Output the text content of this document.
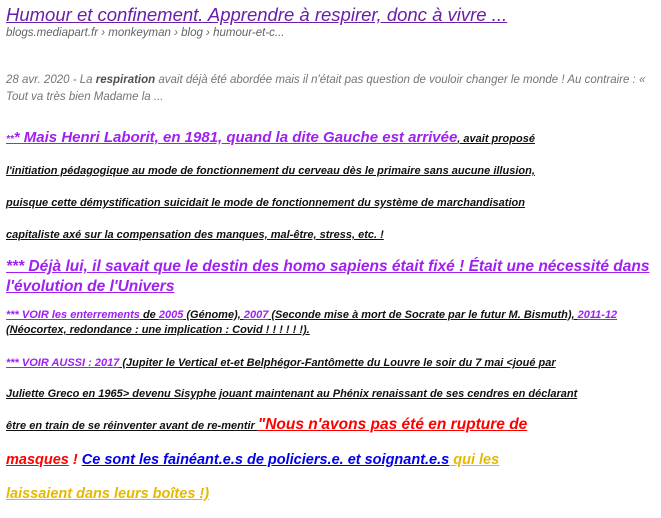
Humour et confinement. Apprendre à respirer, donc à vivre ...
blogs.mediapart.fr › monkeyman › blog › humour-et-c...

28 avr. 2020 - La respiration avait déjà été abordée mais il n'était pas question de vouloir changer le monde ! Au contraire : « Tout va très bien Madame la ...

*** Mais Henri Laborit, en 1981, quand la dite Gauche est arrivée, avait proposé
l'initiation pédagogique au mode de fonctionnement du cerveau dès le primaire sans aucune illusion,
puisque cette démystification suicidait le mode de fonctionnement du système de marchandisation
capitaliste axé sur la compensation des manques, mal-être, stress, etc. !

*** Déjà lui, il savait que le destin des homo sapiens était fixé ! Était une nécessité dans l'évolution de l'Univers

*** VOIR les enterrements de 2005 (Génome), 2007 (Seconde mise à mort de Socrate par le futur M. Bismuth), 2011-12 (Néocortex, redondance : une implication : Covid ! ! ! ! ! !).

*** VOIR AUSSI : 2017 (Jupiter le Vertical et-et Belphégor-Fantômette du Louvre le soir du 7 mai <joué par
Juliette Greco en 1965> devenu Sisyphe jouant maintenant au Phénix renaissant de ses cendres en déclarant
être en train de se réinventer avant de re-mentir "Nous n'avons pas été en rupture de
masques ! Ce sont les fainéant.e.s de policiers.e. et soignant.e.s qui les
laissaient dans leurs boîtes !)
